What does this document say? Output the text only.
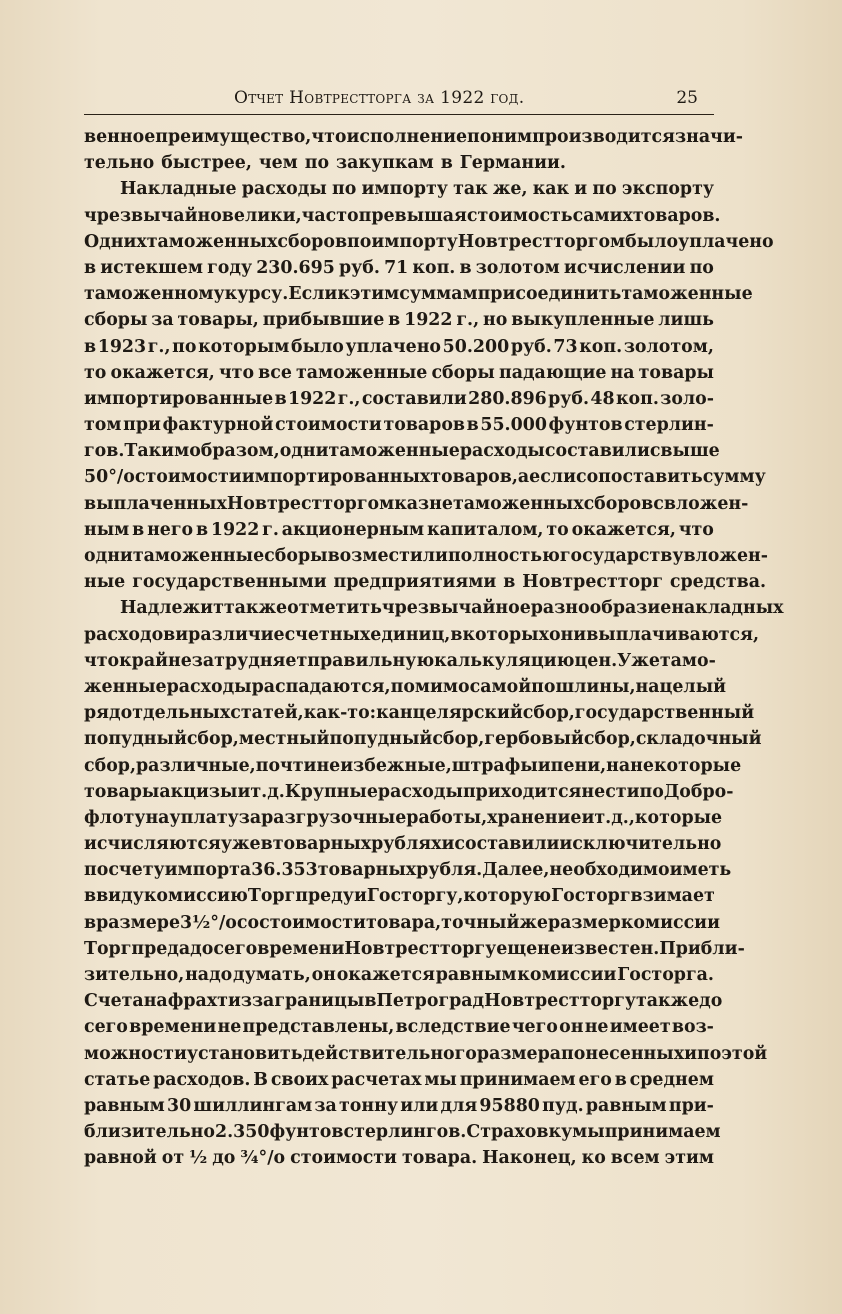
Отчет Новтрестторга за 1922 год.	25
венное преимущество, что исполнение по ним производится значи-
тельно быстрее, чем по закупкам в Германии.
Накладные расходы по импорту так же, как и по экспорту
чрезвычайно велики, часто превышая стоимость самих товаров.
Одних таможенных сборов по импорту Новтрестторгом было уплачено
в истекшем году 230.695 руб. 71 коп. в золотом исчислении по
таможенному курсу. Если к этим суммам присоединить таможенные
сборы за товары, прибывшие в 1922 г., но выкупленные лишь
в 1923 г., по которым было уплачено 50.200 руб. 73 коп. золотом,
то окажется, что все таможенные сборы падающие на товары
импортированные в 1922 г., составили 280.896 руб. 48 коп. золо-
том при фактурной стоимости товаров в 55.000 фунтов стерлин-
гов. Таким образом, одни таможенные расходы составили свыше
50°/о стоимости импортированных товаров, а если сопоставить сумму
выплаченных Новтрестторгом казне таможенных сборов с вложен-
ным в него в 1922 г. акционерным капиталом, то окажется, что
одни таможенные сборы возместили полностью государству вложен-
ные государственными предприятиями в Новтрестторг средства.
Надлежит также отметить чрезвычайное разнообразие накладных
расходов и различие счетных единиц, в которых они выплачиваются,
что крайне затрудняет правильную калькуляцию цен. Уже тамо-
женные расходы распадаются, помимо самой пошлины, на целый
ряд отдельных статей, как-то: канцелярский сбор, государственный
попудный сбор, местный попудный сбор, гербовый сбор, складочный
сбор, различные, почти неизбежные, штрафы и пени, на некоторые
товары акцизы и т. д. Крупные расходы приходится нести по Добро-
флоту на уплату за разгрузочные работы, хранение и т. д., которые
исчисляются уже в товарных рублях и составили исключительно
по счету импорта 36.353 товарных рубля. Далее, необходимо иметь
в виду комиссию Торгпреду и Госторгу, которую Госторг взимает
в размере 3½°/о со стоимости товара, точный же размер комиссии
Торгпреда до сего времени Новтрестторгу еще неизвестен. Прибли-
зительно, надо думать, он окажется равным комиссии Госторга.
Счета на фрахт из заграницы в Петроград Новтрестторгу также до
сего времени не представлены, вследствие чего он не имеет воз-
можности установить действительного размера понесенных и по этой
статье расходов. В своих расчетах мы принимаем его в среднем
равным 30 шиллингам за тонну или для 95880 пуд. равным при-
близительно 2.350 фунтов стерлингов. Страховку мы принимаем
равной от ½ до ¾°/о стоимости товара. Наконец, ко всем этим
